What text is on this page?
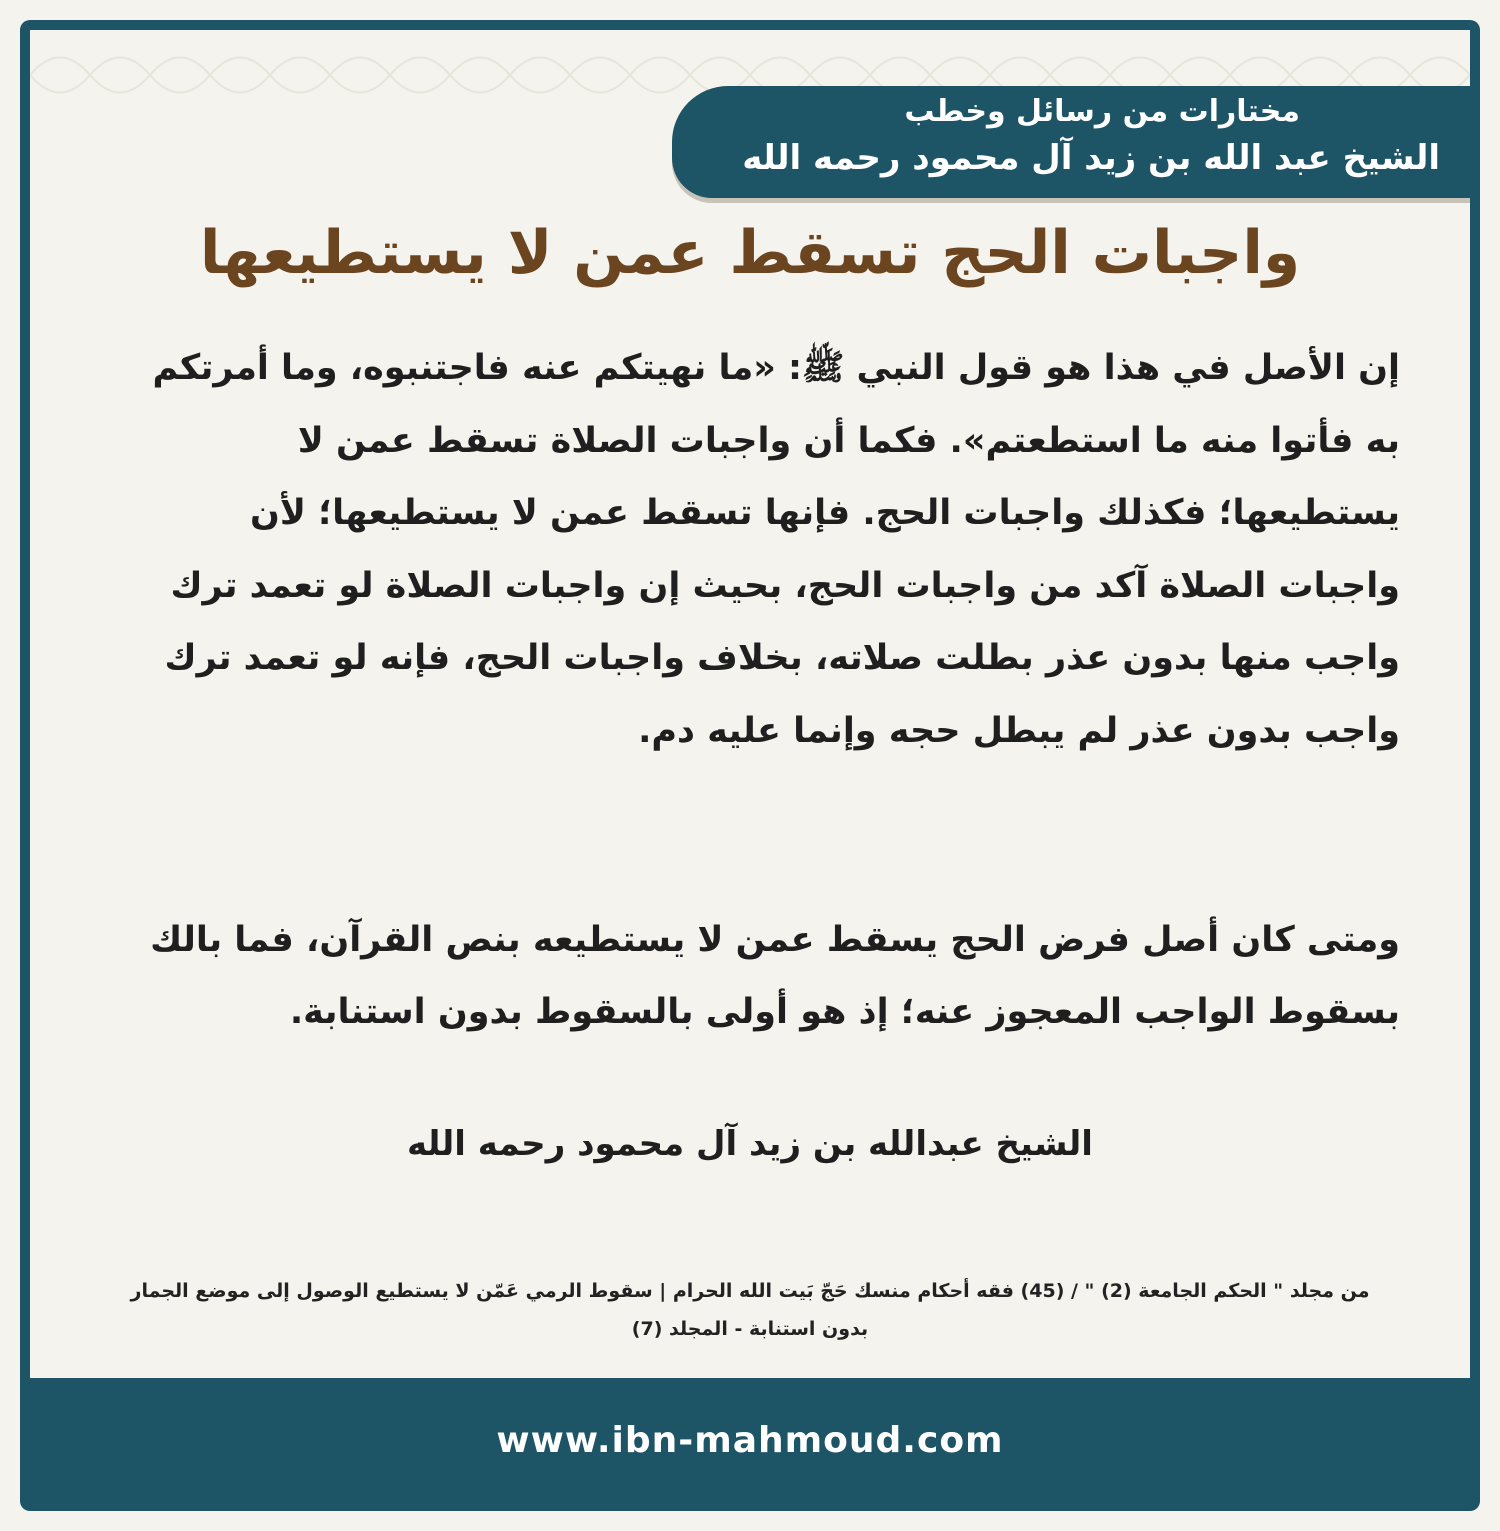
مختارات من رسائل وخطب
الشيخ عبد الله بن زيد آل محمود رحمه الله
واجبات الحج تسقط عمن لا يستطيعها
إن الأصل في هذا هو قول النبي ﷺ: «ما نهيتكم عنه فاجتنبوه، وما أمرتكم به فأتوا منه ما استطعتم». فكما أن واجبات الصلاة تسقط عمن لا يستطيعها؛ فكذلك واجبات الحج. فإنها تسقط عمن لا يستطيعها؛ لأن واجبات الصلاة آكد من واجبات الحج، بحيث إن واجبات الصلاة لو تعمد ترك واجب منها بدون عذر بطلت صلاته، بخلاف واجبات الحج، فإنه لو تعمد ترك واجب بدون عذر لم يبطل حجه وإنما عليه دم.
ومتى كان أصل فرض الحج يسقط عمن لا يستطيعه بنص القرآن، فما بالك بسقوط الواجب المعجوز عنه؛ إذ هو أولى بالسقوط بدون استنابة.
الشيخ عبدالله بن زيد آل محمود رحمه الله
من مجلد " الحكم الجامعة (2) " / (45) فقه أحكام منسك حَجّ بَيت الله الحرام | سقوط الرمي عَمّن لا يستطيع الوصول إلى موضع الجمار بدون استنابة - المجلد (7)
www.ibn-mahmoud.com
